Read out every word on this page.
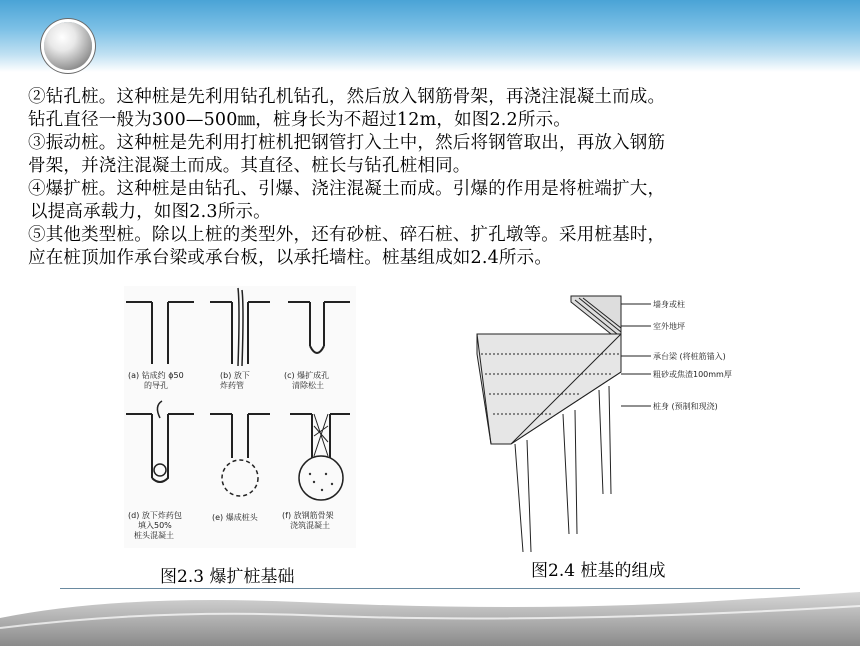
②钻孔桩。这种桩是先利用钻孔机钻孔，然后放入钢筋骨架，再浇注混凝土而成。

钻孔直径一般为300—500㎜，桩身长为不超过12m，如图2.2所示。

③振动桩。这种桩是先利用打桩机把钢管打入土中，然后将钢管取出，再放入钢筋

骨架，并浇注混凝土而成。其直径、桩长与钻孔桩相同。

④爆扩桩。这种桩是由钻孔、引爆、浇注混凝土而成。引爆的作用是将桩端扩大，

以提高承载力，如图2.3所示。

⑤其他类型桩。除以上桩的类型外，还有砂桩、碎石桩、扩孔墩等。采用桩基时，

应在桩顶加作承台梁或承台板，以承托墙柱。桩基组成如2.4所示。

(a) 钻成约 ϕ50
的导孔
(b) 放下
炸药管
(c) 爆扩成孔
清除松土
(d) 放下炸药包
填入50%
桩头混凝土
(e) 爆成桩头	(f) 放钢筋骨架
浇筑混凝土
图2.3 爆扩桩基础
墙身或柱
室外地坪
承台梁 (将桩筋锚入)
粗砂或焦渣100mm厚
桩身 (预制和现浇)
图2.4 桩基的组成
